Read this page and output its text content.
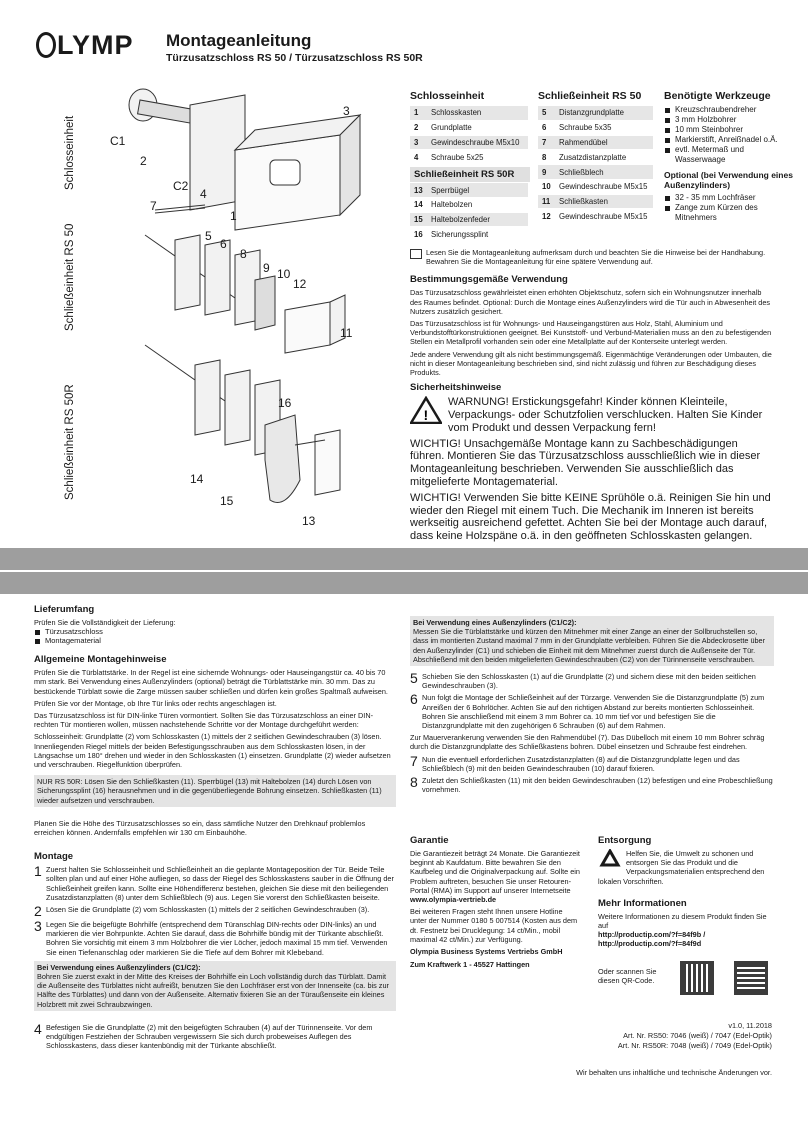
LYMP Montageanleitung
Türzusatzschloss RS 50 / Türzusatzschloss RS 50R
Schlosseinheit
Schließeinheit RS 50
Schließeinheit RS 50R
3
C1
2
C2
4
1
7
5
6
8
9 10
12
11
16
14
15
13
Schlosseinheit
1	Schlosskasten
2	Grundplatte
3	Gewindeschraube M5x10
4	Schraube 5x25
Schließeinheit RS 50R
13	Sperrbügel
14	Haltebolzen
15	Haltebolzenfeder
16	Sicherungssplint
Schließeinheit RS 50
5	Distanzgrundplatte
6	Schraube 5x35
7	Rahmendübel
8	Zusatzdistanzplatte
9	Schließblech
10	Gewindeschraube M5x15
11	Schließkasten
12	Gewindeschraube M5x15
Benötigte Werkzeuge
Kreuzschraubendreher
3 mm Holzbohrer
10 mm Steinbohrer
Markierstift, Anreißnadel o.Ä.
evtl. Metermaß und Wasserwaage
Optional (bei Verwendung eines Außenzylinders)
32 - 35 mm Lochfräser
Zange zum Kürzen des Mitnehmers

Lesen Sie die Montageanleitung aufmerksam durch und beachten Sie die Hinweise bei der Handhabung. Bewahren Sie die Montageanleitung für eine spätere Verwendung auf.

Bestimmungsgemäße Verwendung

Das Türzusatzschloss gewährleistet einen erhöhten Objektschutz, sofern sich ein Wohnungsnutzer innerhalb des Raumes befindet. Optional: Durch die Montage eines Außenzylinders wird die Tür auch in Abwesenheit des Nutzers zusätzlich gesichert.

Das Türzusatzschloss ist für Wohnungs- und Hauseingangstüren aus Holz, Stahl, Aluminium und Verbundstofftürkonstruktionen geeignet. Bei Kunststoff- und Verbund-Materialien muss an den zu befestigenden Stellen ein Metallprofil vorhanden sein oder eine Metallplatte auf der Konterseite unterlegt werden.

Jede andere Verwendung gilt als nicht bestimmungsgemäß. Eigenmächtige Veränderungen oder Umbauten, die nicht in dieser Montageanleitung beschrieben sind, sind nicht zulässig und führen zur Beschädigung dieses Produkts.

Sicherheitshinweise
!

WARNUNG! Erstickungsgefahr! Kinder können Kleinteile, Verpackungs- oder Schutzfolien verschlucken. Halten Sie Kinder vom Produkt und dessen Verpackung fern!

WICHTIG! Unsachgemäße Montage kann zu Sachbeschädigungen führen. Montieren Sie das Türzusatzschloss ausschließlich wie in dieser Montageanleitung beschrieben. Verwenden Sie ausschließlich das mitgelieferte Montagematerial.

WICHTIG! Verwenden Sie bitte KEINE Sprühöle o.ä. Reinigen Sie hin und wieder den Riegel mit einem Tuch. Die Mechanik im Inneren ist bereits werkseitig ausreichend gefettet. Achten Sie bei der Montage auch darauf, dass keine Holzspäne o.ä. in den geöffneten Schlosskasten gelangen.

Lieferumfang

Prüfen Sie die Vollständigkeit der Lieferung:

Türzusatzschloss
Montagematerial
Allgemeine Montagehinweise

Prüfen Sie die Türblattstärke. In der Regel ist eine sichernde Wohnungs- oder Hauseingangstür ca. 40 bis 70 mm stark. Bei Verwendung eines Außenzylinders (optional) beträgt die Türblattstärke min. 30 mm. Das zu bestückende Türblatt sowie die Zarge müssen sauber schließen und dürfen kein großes Spaltmaß aufweisen.

Prüfen Sie vor der Montage, ob Ihre Tür links oder rechts angeschlagen ist.

Das Türzusatzschloss ist für DIN-linke Türen vormontiert. Sollten Sie das Türzusatzschloss an einer DIN-rechten Tür montieren wollen, müssen nachstehende Schritte vor der Montage durchgeführt werden:

Schlosseinheit: Grundplatte (2) vom Schlosskasten (1) mittels der 2 seitlichen Gewindeschrauben (3) lösen. Innenliegenden Riegel mittels der beiden Befestigungsschrauben aus dem Schlosskasten lösen, in der Längsachse um 180° drehen und wieder in den Schlosskasten (1) einsetzen. Grundplatte (2) wieder aufsetzen und verschrauben. Riegelfunktion überprüfen.

NUR RS 50R: Lösen Sie den Schließkasten (11). Sperrbügel (13) mit Haltebolzen (14) durch Lösen von Sicherungssplint (16) herausnehmen und in die gegenüberliegende Bohrung einsetzen. Schließkasten (11) wieder aufsetzen und verschrauben.

Planen Sie die Höhe des Türzusatzschlosses so ein, dass sämtliche Nutzer den Drehknauf problemlos erreichen können. Andernfalls empfehlen wir 130 cm Einbauhöhe.

Montage
1 Zuerst halten Sie Schlosseinheit und Schließeinheit an die geplante Montageposition der Tür. Beide Teile sollten plan und auf einer Höhe aufliegen, so dass der Riegel des Schlosskastens sauber in die Öffnung der Schließeinheit greifen kann. Sollte eine Höhendifferenz bestehen, gleichen Sie diese mit den beiliegenden Zusatzdistanzplatten (8) unter dem Schließblech (9) aus. Legen Sie vorerst den Schließkasten beiseite.
2 Lösen Sie die Grundplatte (2) vom Schlosskasten (1) mittels der 2 seitlichen Gewindeschrauben (3).
3 Legen Sie die beigefügte Bohrhilfe (entsprechend dem Türanschlag DIN-rechts oder DIN-links) an und markieren die vier Bohrpunkte. Achten Sie darauf, dass die Bohrhilfe bündig mit der Türkante abschließt. Bohren Sie vorsichtig mit einem 3 mm Holzbohrer die vier Löcher, jedoch maximal 15 mm tief. Verwenden Sie einen Tiefenanschlag oder markieren Sie die Tiefe auf dem Bohrer mit Klebeband.

Bei Verwendung eines Außenzylinders (C1/C2):

Bohren Sie zuerst exakt in der Mitte des Kreises der Bohrhilfe ein Loch vollständig durch das Türblatt. Damit die Außenseite des Türblattes nicht aufreißt, benutzen Sie den Lochfräser erst von der Innenseite (ca. bis zur Hälfte des Türblattes) und dann von der Außenseite. Alternativ fixieren Sie an der Türaußenseite ein kleines Holzbrett mit zwei Schraubzwingen.

4 Befestigen Sie die Grundplatte (2) mit den beigefügten Schrauben (4) auf der Türinnenseite. Vor dem endgültigen Festziehen der Schrauben vergewissern Sie sich durch probeweises Auflegen des Schlosskastens, dass dieser kantenbündig mit der Türkante abschließt.

Bei Verwendung eines Außenzylinders (C1/C2):

Messen Sie die Türblattstärke und kürzen den Mitnehmer mit einer Zange an einer der Sollbruchstellen so, dass im montierten Zustand maximal 7 mm in der Grundplatte verbleiben. Führen Sie die Abdeckrosette über den Außenzylinder (C1) und schieben die Einheit mit dem Mitnehmer zuerst durch die Außenseite der Tür. Abschließend mit den beiden mitgelieferten Gewindeschrauben (C2) von der Türinnenseite verschrauben.

5 Schieben Sie den Schlosskasten (1) auf die Grundplatte (2) und sichern diese mit den beiden seitlichen Gewindeschrauben (3).
6 Nun folgt die Montage der Schließeinheit auf der Türzarge. Verwenden Sie die Distanzgrundplatte (5) zum Anreißen der 6 Bohrlöcher. Achten Sie auf den richtigen Abstand zur bereits montierten Schlosseinheit. Bohren Sie anschließend mit einem 3 mm Bohrer ca. 10 mm tief vor und befestigen Sie die Distanzgrundplatte mit den zugehörigen 6 Schrauben (6) auf dem Rahmen.

Zur Mauerverankerung verwenden Sie den Rahmendübel (7). Das Dübelloch mit einem 10 mm Bohrer schräg durch die Distanzgrundplatte des Schließkastens bohren. Dübel einsetzen und Schraube fest eindrehen.

7 Nun die eventuell erforderlichen Zusatzdistanzplatten (8) auf die Distanzgrundplatte legen und das Schließblech (9) mit den beiden Gewindeschrauben (10) darauf fixieren.
8 Zuletzt den Schließkasten (11) mit den beiden Gewindeschrauben (12) befestigen und eine Probeschließung vornehmen.
Garantie

Die Garantiezeit beträgt 24 Monate. Die Garantiezeit beginnt ab Kaufdatum. Bitte bewahren Sie den Kaufbeleg und die Originalverpackung auf. Sollte ein Problem auftreten, besuchen Sie unser Retouren-Portal (RMA) im Support auf unserer Internetseite

www.olympia-vertrieb.de

Bei weiteren Fragen steht Ihnen unsere Hotline unter der Nummer 0180 5 007514 (Kosten aus dem dt. Festnetz bei Drucklegung: 14 ct/Min., mobil maximal 42 ct/Min.) zur Verfügung.

Olympia Business Systems Vertriebs GmbH

Zum Kraftwerk 1 - 45527 Hattingen

Entsorgung

Helfen Sie, die Umwelt zu schonen und entsorgen Sie das Produkt und die Verpackungsmaterialien entsprechend den lokalen Vorschriften.

Mehr Informationen

Weitere Informationen zu diesem Produkt finden Sie auf

http://productip.com/?f=84f9b /

http://productip.com/?f=84f9d

Oder scannen Sie diesen QR-Code.

v1.0, 11.2018
Art. Nr. RS50: 7046 (weiß) / 7047 (Edel-Optik)
Art. Nr. RS50R: 7048 (weiß) / 7049 (Edel-Optik)
Wir behalten uns inhaltliche und technische Änderungen vor.
